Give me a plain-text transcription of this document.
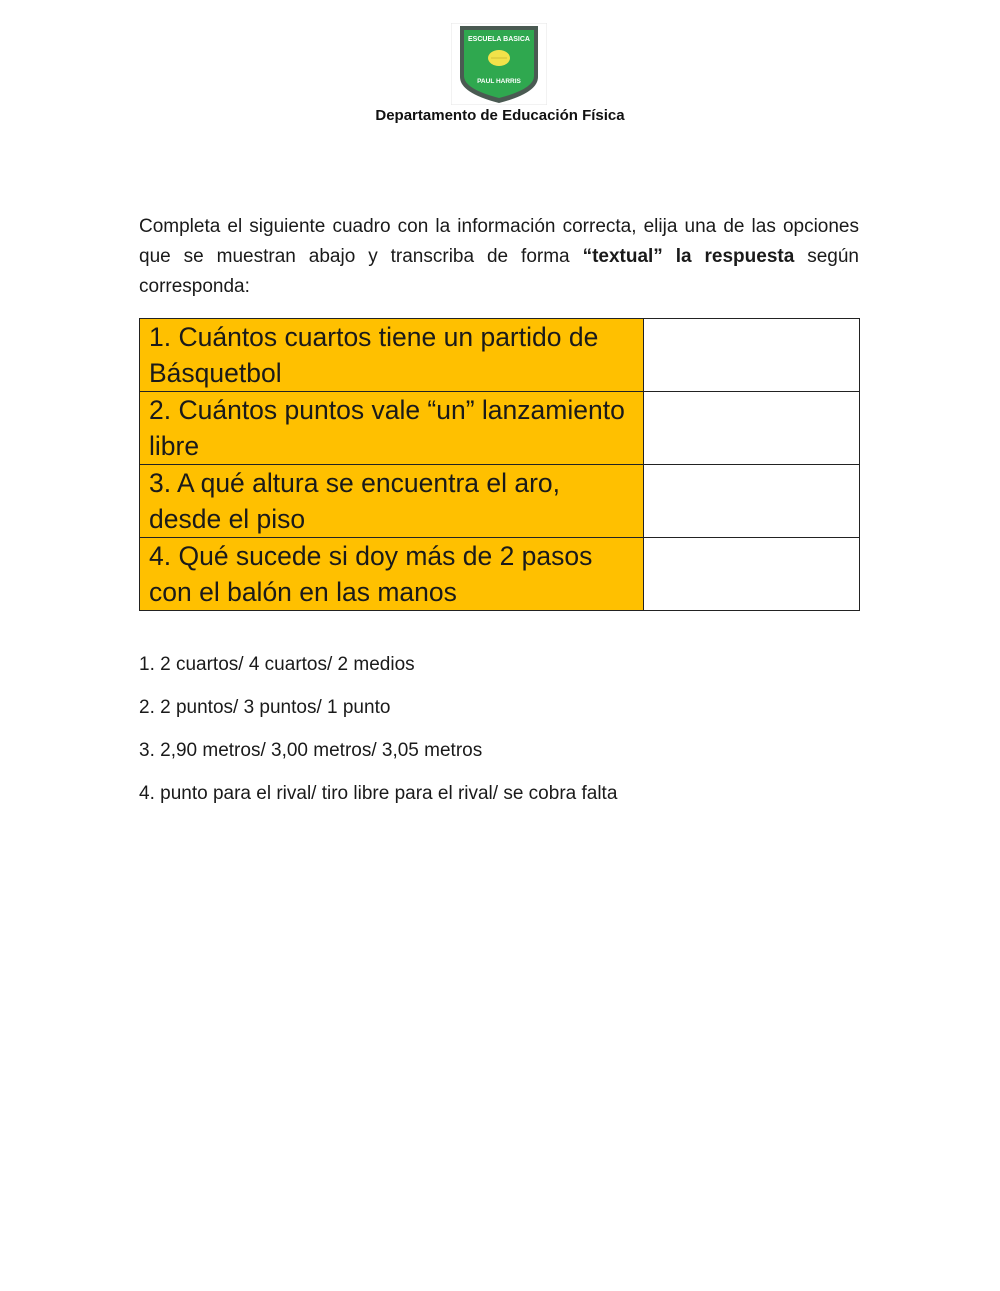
ESCUELA BASICA
PAUL HARRIS
Departamento de Educación Física

Completa el siguiente cuadro con la información correcta, elija una de las opciones que se muestran abajo y transcriba de forma “textual” la respuesta según corresponda:

1. Cuántos cuartos tiene un partido de Básquetbol	
2. Cuántos puntos vale “un” lanzamiento libre	
3. A qué altura se encuentra el aro, desde el piso	
4. Qué sucede si doy más de 2 pasos con el balón en las manos	
1. 2 cuartos/ 4 cuartos/ 2 medios
2. 2 puntos/ 3 puntos/ 1 punto
3. 2,90 metros/ 3,00 metros/ 3,05 metros
4. punto para el rival/ tiro libre para el rival/ se cobra falta
